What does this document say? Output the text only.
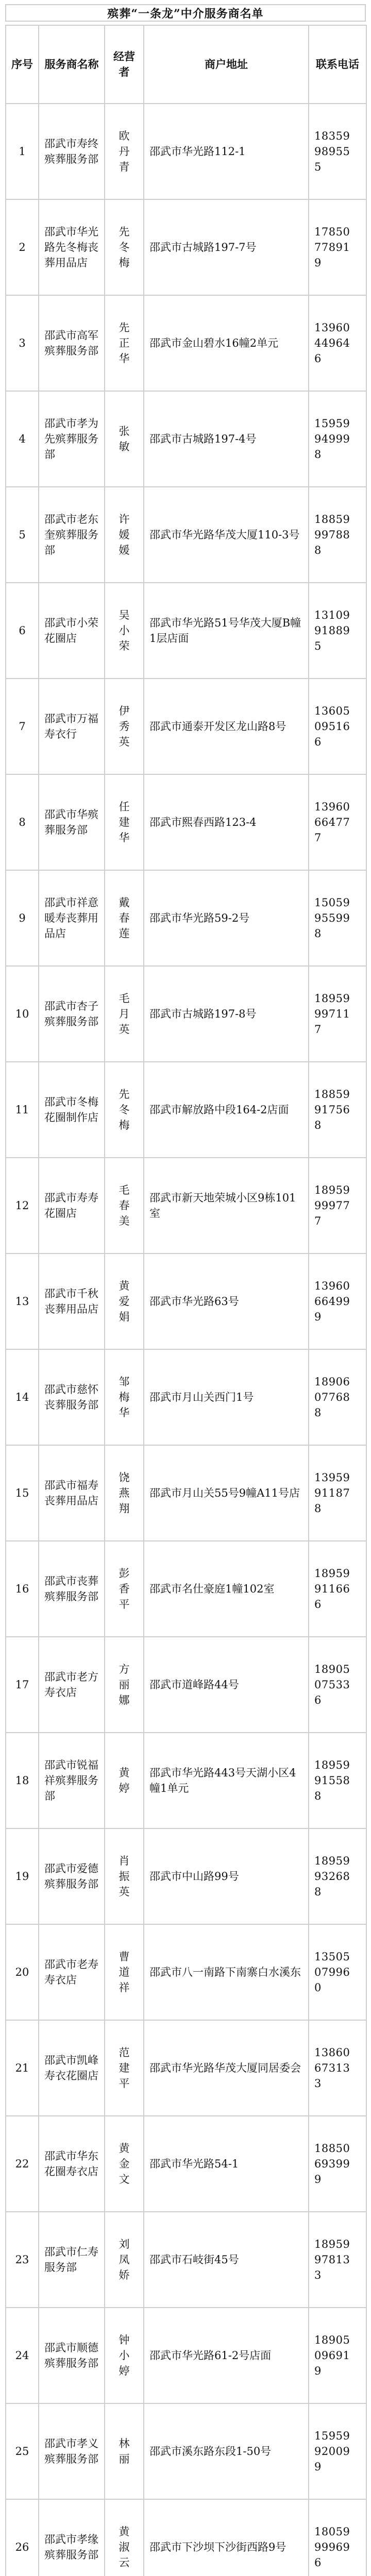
殡葬“一条龙”中介服务商名单
序号	服务商名称	经营者	商户地址	联系电话
1	邵武市寿终殡葬服务部	欧丹青	邵武市华光路112-1	18359989555
2	邵武市华光路先冬梅丧葬用品店	先冬梅	邵武市古城路197-7号	17850778919
3	邵武市高军殡葬服务部	先正华	邵武市金山碧水16幢2单元	13960449646
4	邵武市孝为先殡葬服务部	张敏	邵武市古城路197-4号	15959949998
5	邵武市老东奎殡葬服务部	许媛媛	邵武市华光路华茂大厦110-3号	18859997888
6	邵武市小荣花圈店	吴小荣	邵武市华光路51号华茂大厦B幢1层店面	13109918895
7	邵武市万福寿衣行	伊秀英	邵武市通泰开发区龙山路8号	13605095166
8	邵武市华殡葬服务部	任建华	邵武市熙春西路123-4	13960664777
9	邵武市祥意暖寿丧葬用品店	戴春莲	邵武市华光路59-2号	15059955998
10	邵武市杏子殡葬服务部	毛月英	邵武市古城路197-8号	18959997117
11	邵武市冬梅花圈制作店	先冬梅	邵武市解放路中段164-2店面	18859917568
12	邵武市寿寿花圈店	毛春美	邵武市新天地荣城小区9栋101室	18959999777
13	邵武市千秋丧葬用品店	黄爱娟	邵武市华光路63号	13960664999
14	邵武市慈怀丧葬服务部	邹梅华	邵武市月山关西门1号	18906077688
15	邵武市福寿丧葬用品店	饶燕翔	邵武市月山关55号9幢A11号店	13959911878
16	邵武市丧葬殡葬服务部	彭香平	邵武市名仕豪庭1幢102室	18959911666
17	邵武市老方寿衣店	方丽娜	邵武市道峰路44号	18905075336
18	邵武市锐福祥殡葬服务部	黄婷	邵武市华光路443号天湖小区4幢1单元	18959915588
19	邵武市爱德殡葬服务部	肖振英	邵武市中山路99号	18959932688
20	邵武市老寿寿衣店	曹道祥	邵武市八一南路下南寨白水溪东	13505079960
21	邵武市凯峰寿衣花圈店	范建平	邵武市华光路华茂大厦同居委会	13860673133
22	邵武市华东花圈寿衣店	黄金文	邵武市华光路54-1	18850693999
23	邵武市仁寿服务部	刘凤娇	邵武市石岐街45号	18959978133
24	邵武市顺德殡葬服务部	钟小婷	邵武市华光路61-2号店面	18905096919
25	邵武市孝义殡葬服务部	林丽	邵武市溪东路东段1-50号	15959920099
26	邵武市孝缘殡葬服务部	黄淑云	邵武市下沙坝下沙街西路9号	18059999696
